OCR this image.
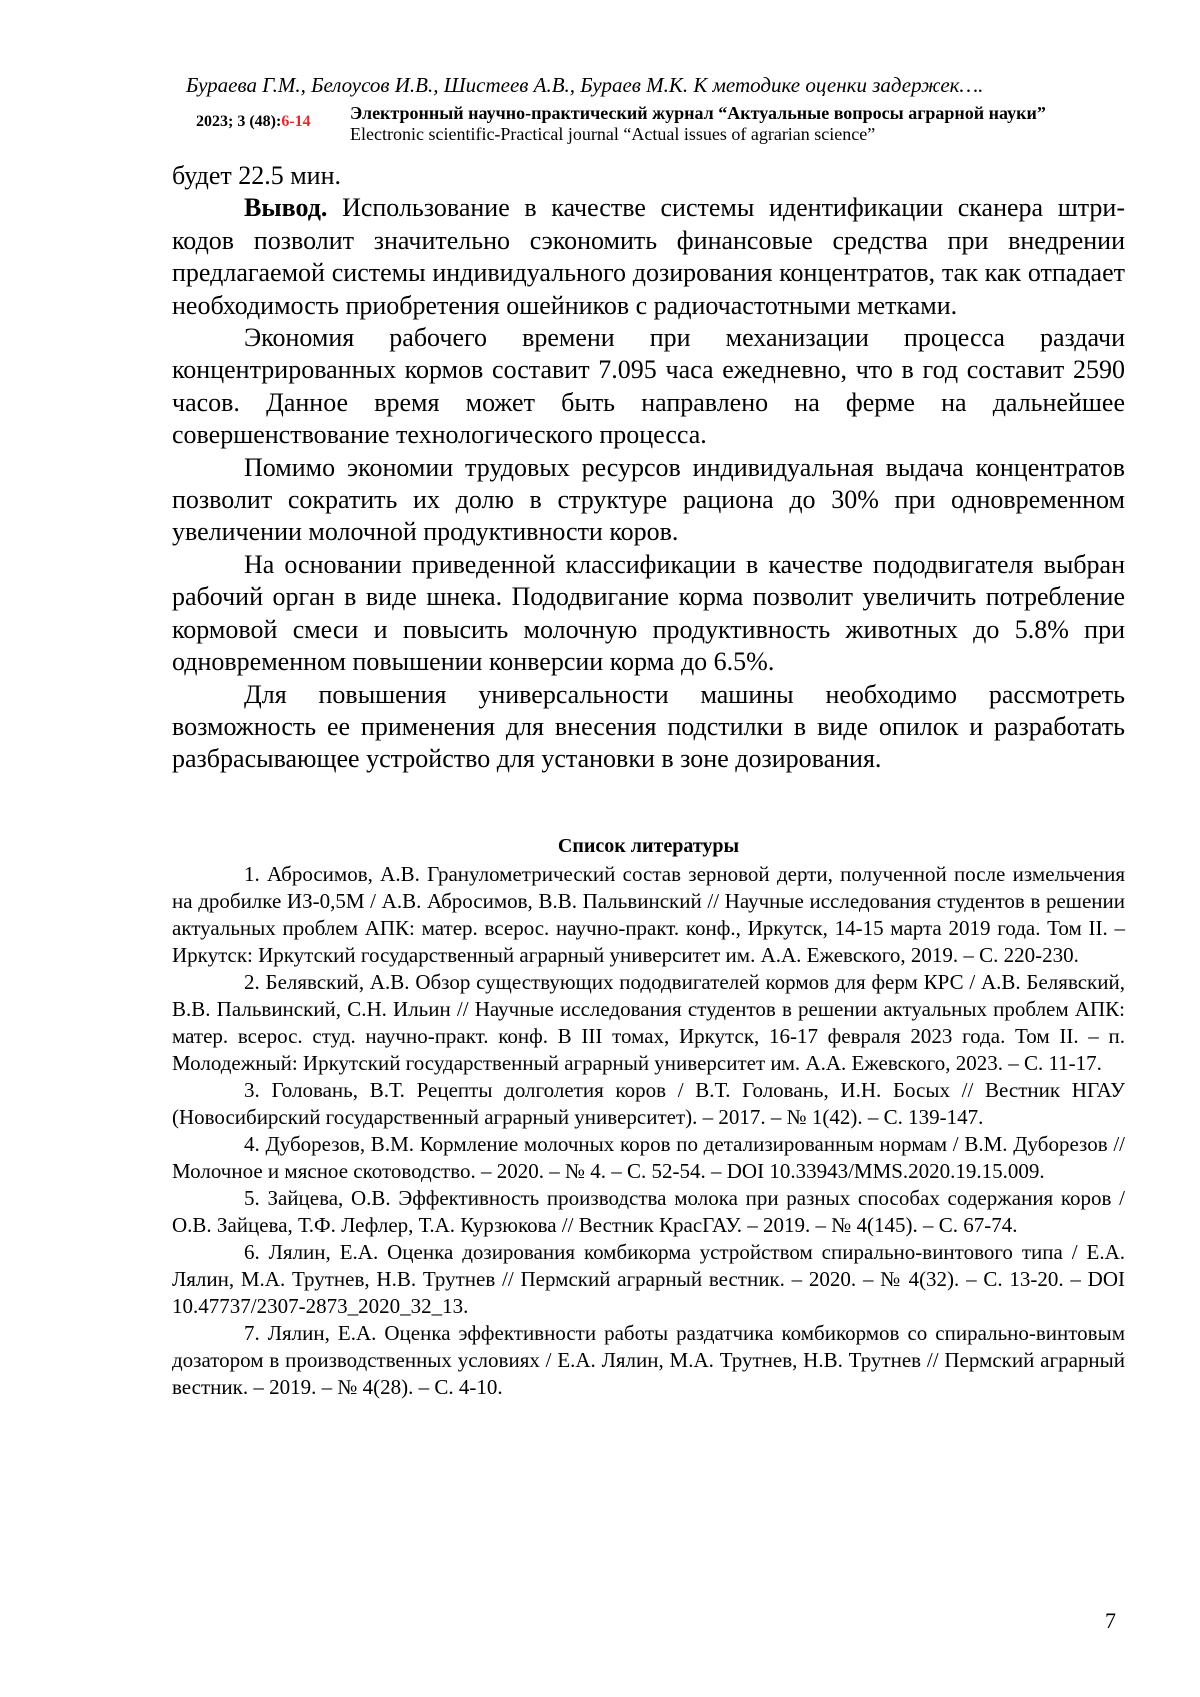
Бураева Г.М., Белоусов И.В., Шистеев А.В., Бураев М.К. К методике оценки задержек….
2023; 3 (48):6-14 Электронный научно-практический журнал “Актуальные вопросы аграрной науки”
Electronic scientific-Practical journal “Actual issues of agrarian science”

будет 22.5 мин.

Вывод. Использование в качестве системы идентификации сканера штри-кодов позволит значительно сэкономить финансовые средства при внедрении предлагаемой системы индивидуального дозирования концентратов, так как отпадает необходимость приобретения ошейников с радиочастотными метками.

Экономия рабочего времени при механизации процесса раздачи концентрированных кормов составит 7.095 часа ежедневно, что в год составит 2590 часов. Данное время может быть направлено на ферме на дальнейшее совершенствование технологического процесса.

Помимо экономии трудовых ресурсов индивидуальная выдача концентратов позволит сократить их долю в структуре рациона до 30% при одновременном увеличении молочной продуктивности коров.

На основании приведенной классификации в качестве пододвигателя выбран рабочий орган в виде шнека. Пододвигание корма позволит увеличить потребление кормовой смеси и повысить молочную продуктивность животных до 5.8% при одновременном повышении конверсии корма до 6.5%.

Для повышения универсальности машины необходимо рассмотреть возможность ее применения для внесения подстилки в виде опилок и разработать разбрасывающее устройство для установки в зоне дозирования.

Список литературы

1. Абросимов, А.В. Гранулометрический состав зерновой дерти, полученной после измельчения на дробилке ИЗ-0,5М / А.В. Абросимов, В.В. Пальвинский // Научные исследования студентов в решении актуальных проблем АПК: матер. всерос. научно-практ. конф., Иркутск, 14-15 марта 2019 года. Том II. – Иркутск: Иркутский государственный аграрный университет им. А.А. Ежевского, 2019. – С. 220-230.

2. Белявский, А.В. Обзор существующих пододвигателей кормов для ферм КРС / А.В. Белявский, В.В. Пальвинский, С.Н. Ильин // Научные исследования студентов в решении актуальных проблем АПК: матер. всерос. студ. научно-практ. конф. В III томах, Иркутск, 16-17 февраля 2023 года. Том II. – п. Молодежный: Иркутский государственный аграрный университет им. А.А. Ежевского, 2023. – С. 11-17.

3. Головань, В.Т. Рецепты долголетия коров / В.Т. Головань, И.Н. Босых // Вестник НГАУ (Новосибирский государственный аграрный университет). – 2017. – № 1(42). – С. 139-147.

4. Дуборезов, В.М. Кормление молочных коров по детализированным нормам / В.М. Дуборезов // Молочное и мясное скотоводство. – 2020. – № 4. – С. 52-54. – DOI 10.33943/MMS.2020.19.15.009.

5. Зайцева, О.В. Эффективность производства молока при разных способах содержания коров / О.В. Зайцева, Т.Ф. Лефлер, Т.А. Курзюкова // Вестник КрасГАУ. – 2019. – № 4(145). – С. 67-74.

6. Лялин, Е.А. Оценка дозирования комбикорма устройством спирально-винтового типа / Е.А. Лялин, М.А. Трутнев, Н.В. Трутнев // Пермский аграрный вестник. – 2020. – № 4(32). – С. 13-20. – DOI 10.47737/2307-2873_2020_32_13.

7. Лялин, Е.А. Оценка эффективности работы раздатчика комбикормов со спирально-винтовым дозатором в производственных условиях / Е.А. Лялин, М.А. Трутнев, Н.В. Трутнев // Пермский аграрный вестник. – 2019. – № 4(28). – С. 4-10.

7
